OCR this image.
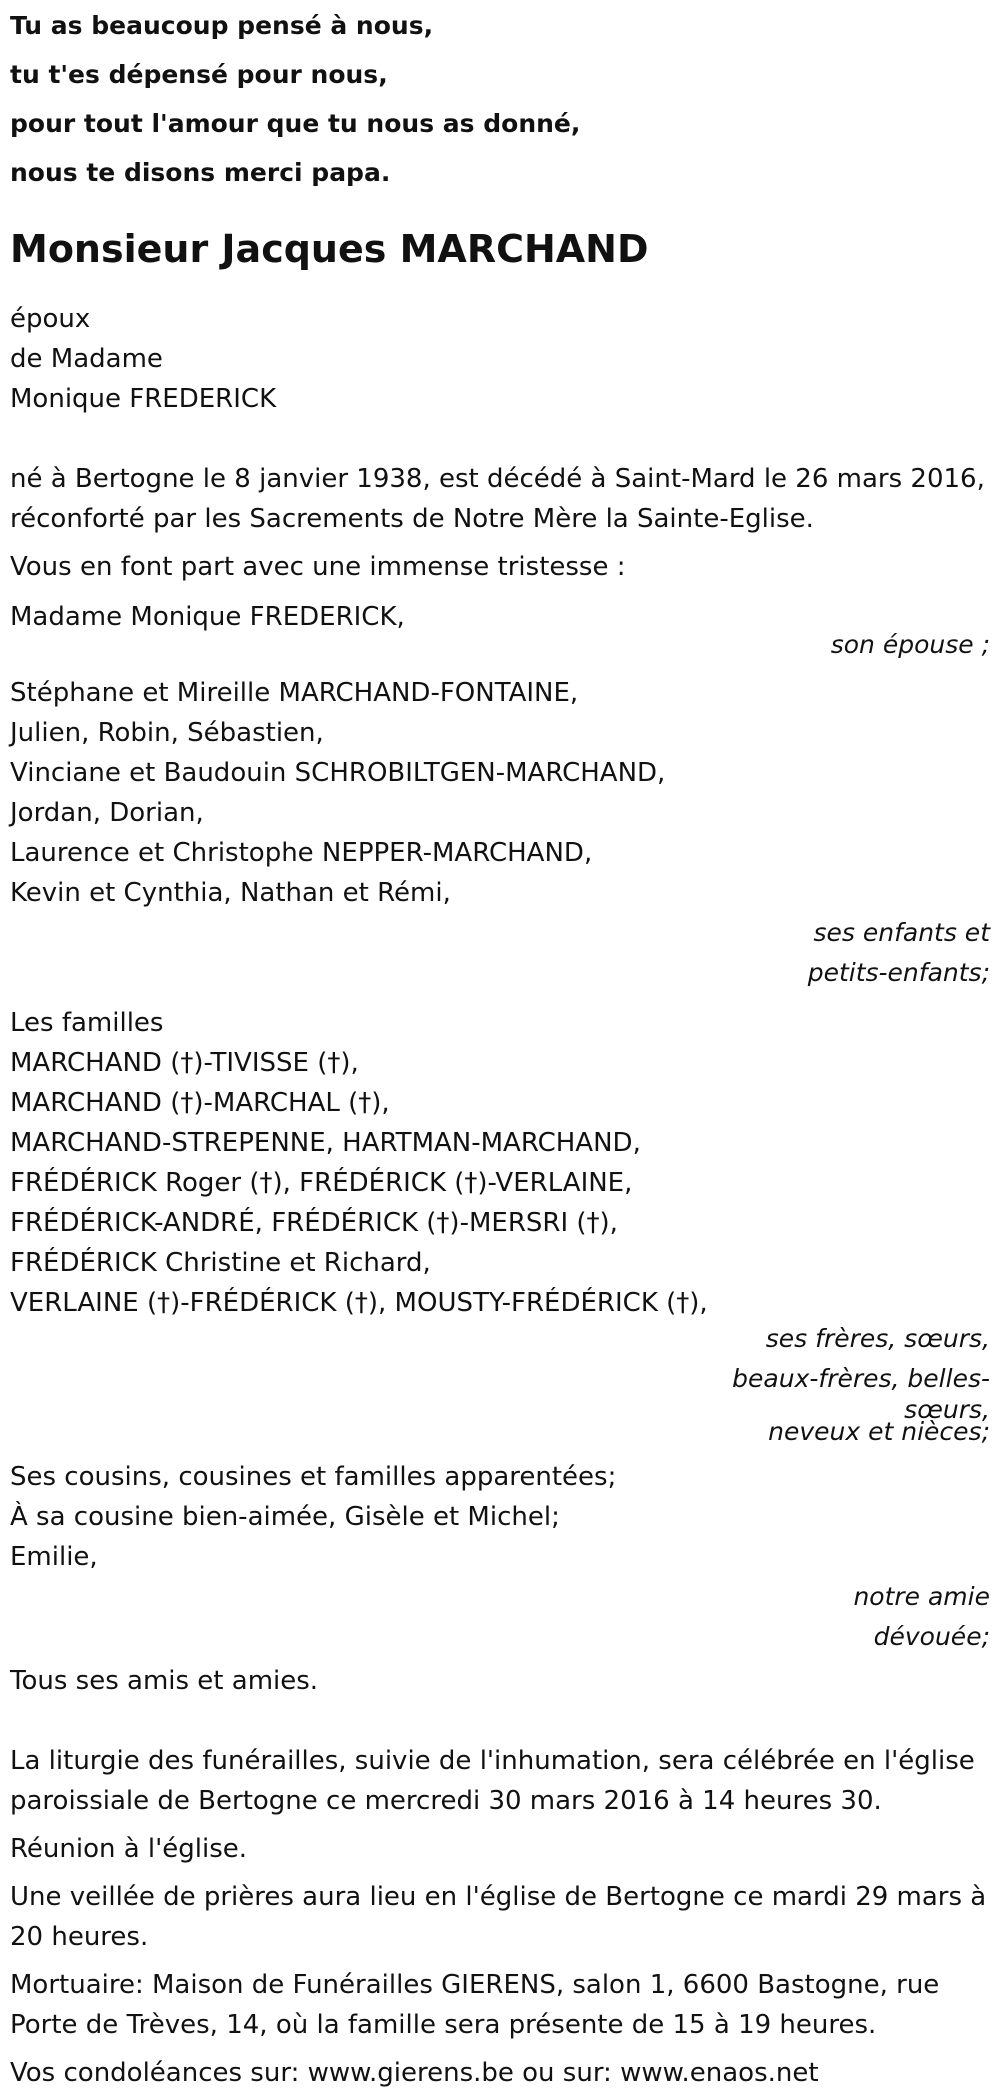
Tu as beaucoup pensé à nous,

tu t'es dépensé pour nous,

pour tout l'amour que tu nous as donné,

nous te disons merci papa.

Monsieur Jacques MARCHAND

époux

de Madame

Monique FREDERICK

né à Bertogne le 8 janvier 1938, est décédé à Saint-Mard le 26 mars 2016,

réconforté par les Sacrements de Notre Mère la Sainte-Eglise.

Vous en font part avec une immense tristesse :

Madame Monique FREDERICK,

son épouse ;

Stéphane et Mireille MARCHAND-FONTAINE,

Julien, Robin, Sébastien,

Vinciane et Baudouin SCHROBILTGEN-MARCHAND,

Jordan, Dorian,

Laurence et Christophe NEPPER-MARCHAND,

Kevin et Cynthia, Nathan et Rémi,

ses enfants et

petits-enfants;

Les familles

MARCHAND (†)-TIVISSE (†),

MARCHAND (†)-MARCHAL (†),

MARCHAND-STREPENNE, HARTMAN-MARCHAND,

FRÉDÉRICK Roger (†), FRÉDÉRICK (†)-VERLAINE,

FRÉDÉRICK-ANDRÉ, FRÉDÉRICK (†)-MERSRI (†),

FRÉDÉRICK Christine et Richard,

VERLAINE (†)-FRÉDÉRICK (†), MOUSTY-FRÉDÉRICK (†),

ses frères, sœurs,

beaux-frères, belles-

sœurs,

neveux et nièces;

Ses cousins, cousines et familles apparentées;

À sa cousine bien-aimée, Gisèle et Michel;

Emilie,

notre amie

dévouée;

Tous ses amis et amies.

La liturgie des funérailles, suivie de l'inhumation, sera célébrée en l'église paroissiale de Bertogne ce mercredi 30 mars 2016 à 14 heures 30.

Réunion à l'église.

Une veillée de prières aura lieu en l'église de Bertogne ce mardi 29 mars à 20 heures.

Mortuaire: Maison de Funérailles GIERENS, salon 1, 6600 Bastogne, rue Porte de Trèves, 14, où la famille sera présente de 15 à 19 heures.

Vos condoléances sur: www.gierens.be ou sur: www.enaos.net
